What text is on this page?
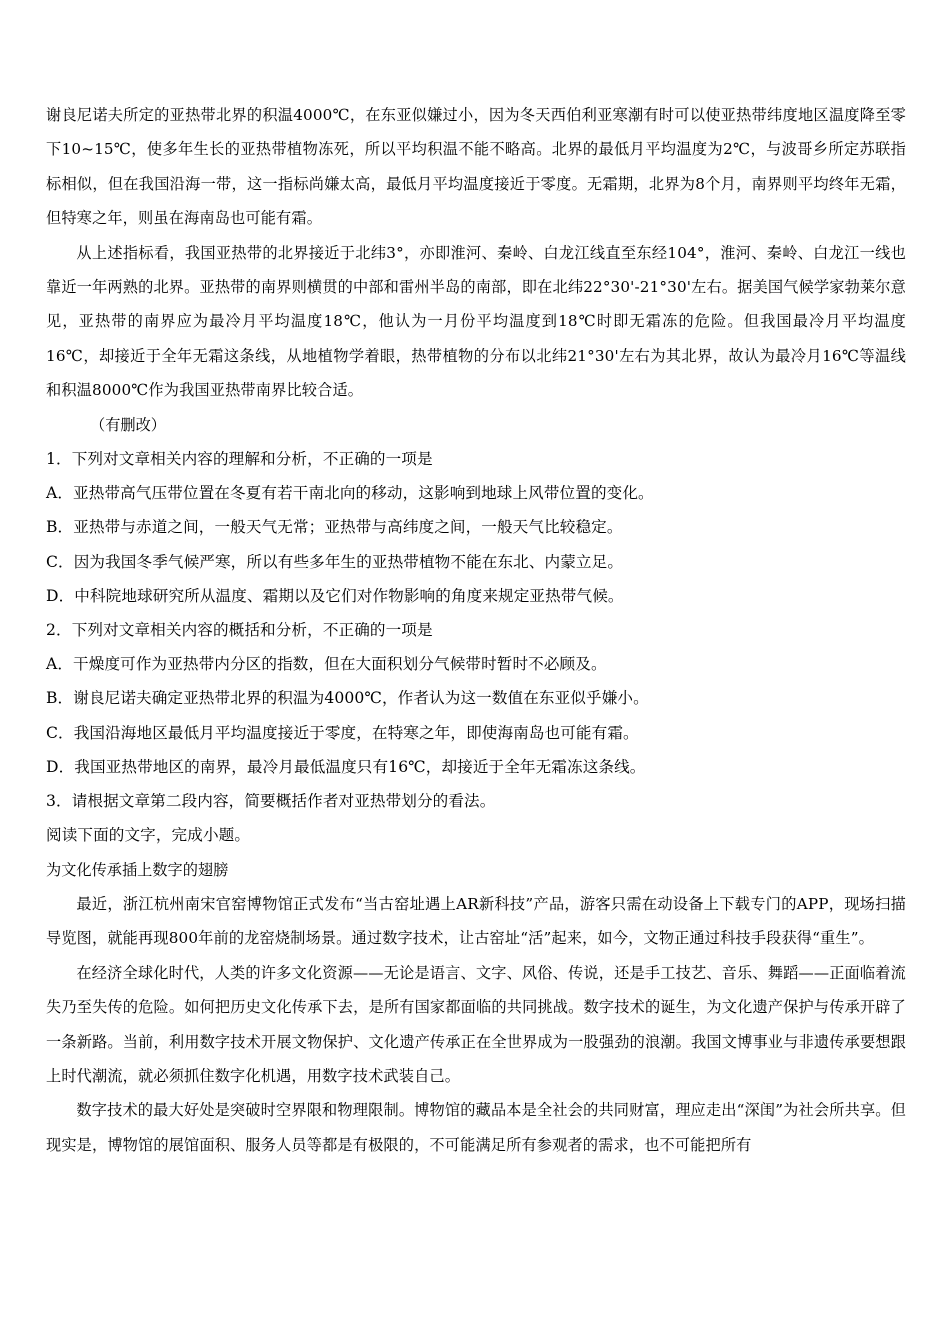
谢良尼诺夫所定的亚热带北界的积温4000℃，在东亚似嫌过小，因为冬天西伯利亚寒潮有时可以使亚热带纬度地区温度降至零下10~15℃，使多年生长的亚热带植物冻死，所以平均积温不能不略高。北界的最低月平均温度为2℃，与波哥乡所定苏联指标相似，但在我国沿海一带，这一指标尚嫌太高，最低月平均温度接近于零度。无霜期，北界为8个月，南界则平均终年无霜，但特寒之年，则虽在海南岛也可能有霜。

从上述指标看，我国亚热带的北界接近于北纬3°，亦即淮河、秦岭、白龙江线直至东经104°，淮河、秦岭、白龙江一线也靠近一年两熟的北界。亚热带的南界则横贯的中部和雷州半岛的南部，即在北纬22°30'-21°30'左右。据美国气候学家勃莱尔意见，亚热带的南界应为最冷月平均温度18℃，他认为一月份平均温度到18℃时即无霜冻的危险。但我国最冷月平均温度16℃，却接近于全年无霜这条线，从地植物学着眼，热带植物的分布以北纬21°30'左右为其北界，故认为最冷月16℃等温线和积温8000℃作为我国亚热带南界比较合适。

（有删改）

1．下列对文章相关内容的理解和分析，不正确的一项是

A．亚热带高气压带位置在冬夏有若干南北向的移动，这影响到地球上风带位置的变化。

B．亚热带与赤道之间，一般天气无常；亚热带与高纬度之间，一般天气比较稳定。

C．因为我国冬季气候严寒，所以有些多年生的亚热带植物不能在东北、内蒙立足。

D．中科院地球研究所从温度、霜期以及它们对作物影响的角度来规定亚热带气候。

2．下列对文章相关内容的概括和分析，不正确的一项是

A．干燥度可作为亚热带内分区的指数，但在大面积划分气候带时暂时不必顾及。

B．谢良尼诺夫确定亚热带北界的积温为4000℃，作者认为这一数值在东亚似乎嫌小。

C．我国沿海地区最低月平均温度接近于零度，在特寒之年，即使海南岛也可能有霜。

D．我国亚热带地区的南界，最冷月最低温度只有16℃，却接近于全年无霜冻这条线。

3．请根据文章第二段内容，简要概括作者对亚热带划分的看法。

阅读下面的文字，完成小题。

为文化传承插上数字的翅膀

最近，浙江杭州南宋官窑博物馆正式发布“当古窑址遇上AR新科技”产品，游客只需在动设备上下载专门的APP，现场扫描导览图，就能再现800年前的龙窑烧制场景。通过数字技术，让古窑址“活”起来，如今，文物正通过科技手段获得“重生”。

在经济全球化时代，人类的许多文化资源——无论是语言、文字、风俗、传说，还是手工技艺、音乐、舞蹈——正面临着流失乃至失传的危险。如何把历史文化传承下去，是所有国家都面临的共同挑战。数字技术的诞生，为文化遗产保护与传承开辟了一条新路。当前，利用数字技术开展文物保护、文化遗产传承正在全世界成为一股强劲的浪潮。我国文博事业与非遗传承要想跟上时代潮流，就必须抓住数字化机遇，用数字技术武装自己。

数字技术的最大好处是突破时空界限和物理限制。博物馆的藏品本是全社会的共同财富，理应走出“深闺”为社会所共享。但现实是，博物馆的展馆面积、服务人员等都是有极限的，不可能满足所有参观者的需求，也不可能把所有
